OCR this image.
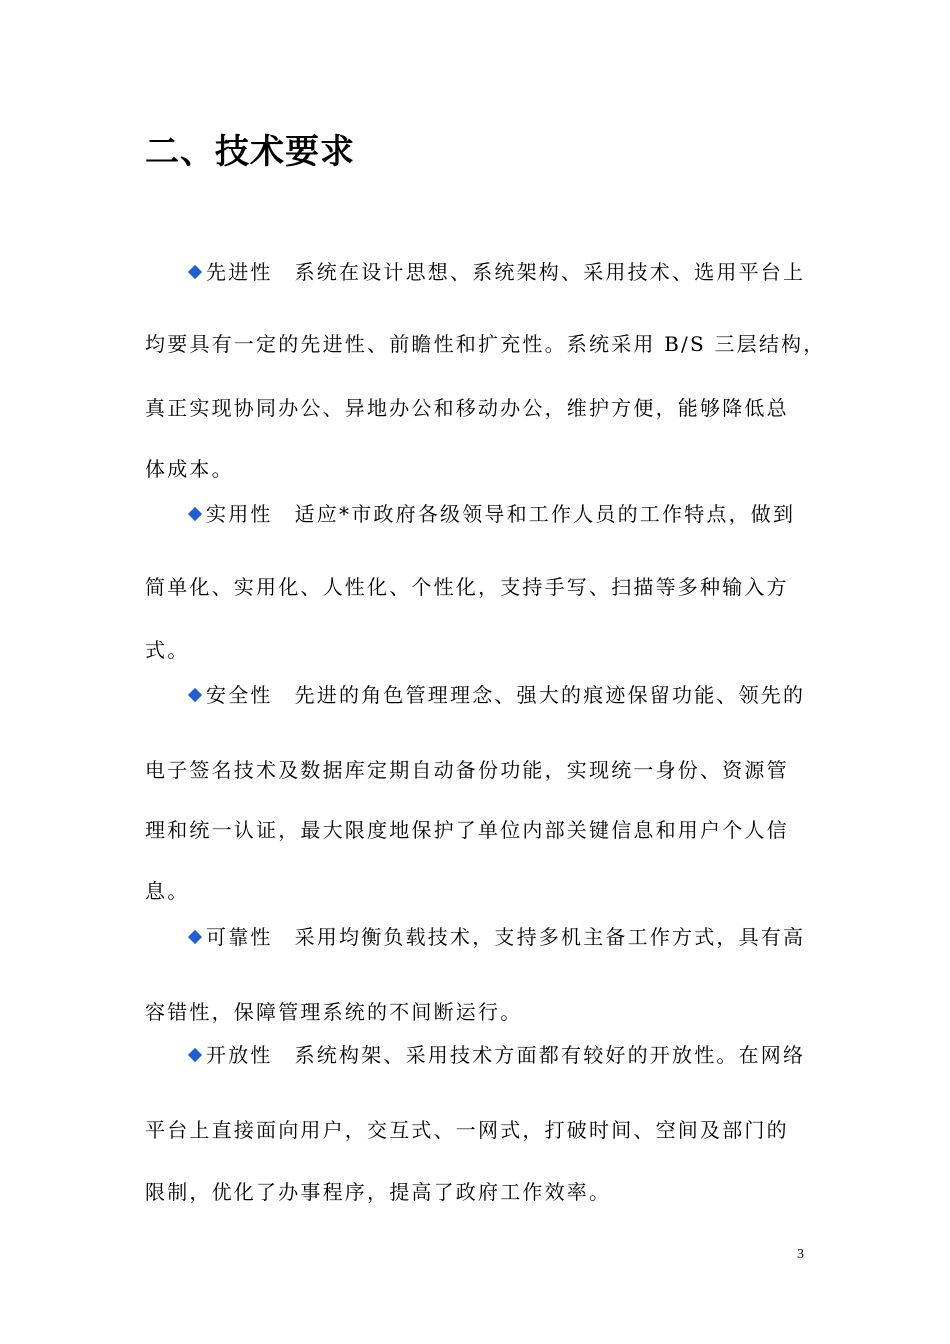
二、技术要求
先进性 系统在设计思想、系统架构、采用技术、选用平台上
均要具有一定的先进性、前瞻性和扩充性。系统采用 B/S 三层结构，
真正实现协同办公、异地办公和移动办公，维护方便，能够降低总
体成本。
实用性 适应*市政府各级领导和工作人员的工作特点，做到
简单化、实用化、人性化、个性化，支持手写、扫描等多种输入方
式。
安全性 先进的角色管理理念、强大的痕迹保留功能、领先的
电子签名技术及数据库定期自动备份功能，实现统一身份、资源管
理和统一认证，最大限度地保护了单位内部关键信息和用户个人信
息。
可靠性 采用均衡负载技术，支持多机主备工作方式，具有高
容错性，保障管理系统的不间断运行。
开放性 系统构架、采用技术方面都有较好的开放性。在网络
平台上直接面向用户，交互式、一网式，打破时间、空间及部门的
限制，优化了办事程序，提高了政府工作效率。
3
